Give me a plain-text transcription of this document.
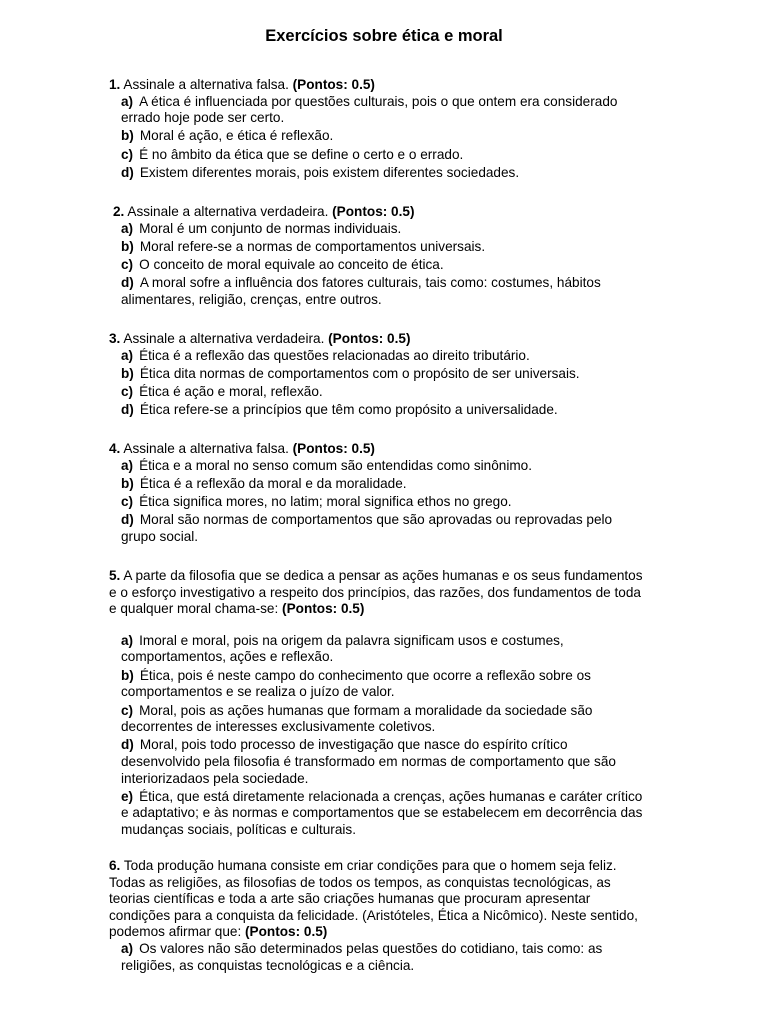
Exercícios sobre ética e moral

1. Assinale a alternativa falsa. (Pontos: 0.5)

a) A ética é influenciada por questões culturais, pois o que ontem era considerado errado hoje pode ser certo.
b) Moral é ação, e ética é reflexão.
c) É no âmbito da ética que se define o certo e o errado.
d) Existem diferentes morais, pois existem diferentes sociedades.

2. Assinale a alternativa verdadeira. (Pontos: 0.5)

a) Moral é um conjunto de normas individuais.
b) Moral refere-se a normas de comportamentos universais.
c) O conceito de moral equivale ao conceito de ética.
d) A moral sofre a influência dos fatores culturais, tais como: costumes, hábitos alimentares, religião, crenças, entre outros.

3. Assinale a alternativa verdadeira. (Pontos: 0.5)

a) Ética é a reflexão das questões relacionadas ao direito tributário.
b) Ética dita normas de comportamentos com o propósito de ser universais.
c) Ética é ação e moral, reflexão.
d) Ética refere-se a princípios que têm como propósito a universalidade.

4. Assinale a alternativa falsa. (Pontos: 0.5)

a) Ética e a moral no senso comum são entendidas como sinônimo.
b) Ética é a reflexão da moral e da moralidade.
c) Ética significa mores, no latim; moral significa ethos no grego.
d) Moral são normas de comportamentos que são aprovadas ou reprovadas pelo grupo social.

5. A parte da filosofia que se dedica a pensar as ações humanas e os seus fundamentos e o esforço investigativo a respeito dos princípios, das razões, dos fundamentos de toda e qualquer moral chama-se: (Pontos: 0.5)

a) Imoral e moral, pois na origem da palavra significam usos e costumes, comportamentos, ações e reflexão.
b) Ética, pois é neste campo do conhecimento que ocorre a reflexão sobre os comportamentos e se realiza o juízo de valor.
c) Moral, pois as ações humanas que formam a moralidade da sociedade são decorrentes de interesses exclusivamente coletivos.
d) Moral, pois todo processo de investigação que nasce do espírito crítico desenvolvido pela filosofia é transformado em normas de comportamento que são interiorizadaos pela sociedade.
e) Ética, que está diretamente relacionada a crenças, ações humanas e caráter crítico e adaptativo; e às normas e comportamentos que se estabelecem em decorrência das mudanças sociais, políticas e culturais.

6. Toda produção humana consiste em criar condições para que o homem seja feliz. Todas as religiões, as filosofias de todos os tempos, as conquistas tecnológicas, as teorias científicas e toda a arte são criações humanas que procuram apresentar condições para a conquista da felicidade. (Aristóteles, Ética a Nicômico). Neste sentido, podemos afirmar que: (Pontos: 0.5)

a) Os valores não são determinados pelas questões do cotidiano, tais como: as religiões, as conquistas tecnológicas e a ciência.
